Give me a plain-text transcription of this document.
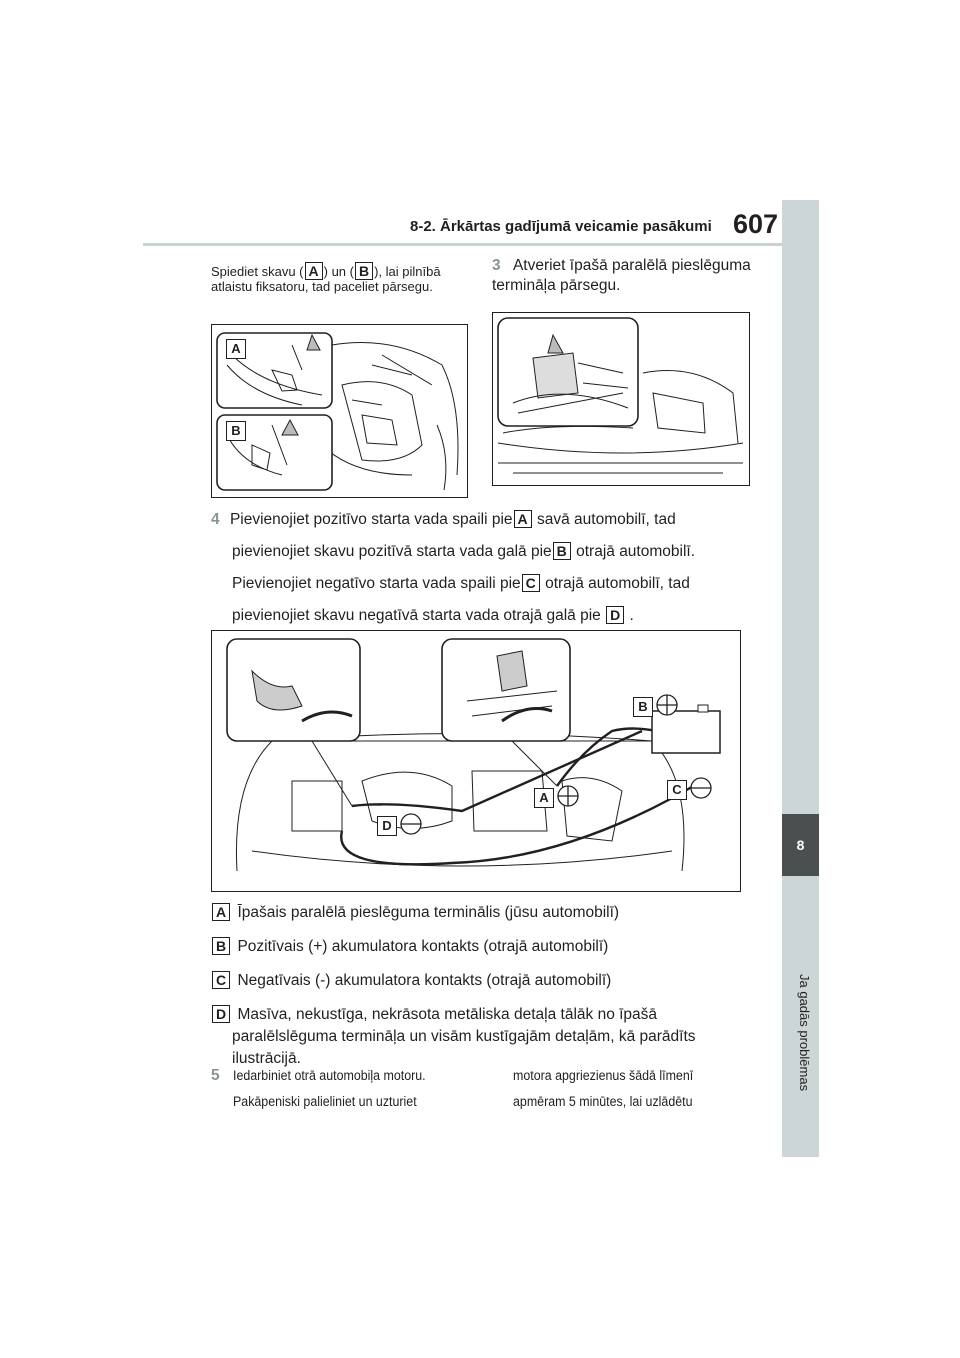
8-2. Ārkārtas gadījumā veicamie pasākumi 607
8
Ja gadās problēmas
Spiediet skavu ( A ) un ( B ), lai pilnībā atlaistu fiksatoru, tad paceliet pārsegu.
A
B
3 Atveriet īpašā paralēlā pieslēguma termināļa pārsegu.
4 Pievienojiet pozitīvo starta vada spaili pie A savā automobilī, tad
pievienojiet skavu pozitīvā starta vada galā pie B otrajā automobilī.
Pievienojiet negatīvo starta vada spaili pie C otrajā automobilī, tad
pievienojiet skavu negatīvā starta vada otrajā galā pie D .
B
C
A
D
A Īpašais paralēlā pieslēguma terminālis (jūsu automobilī)
B Pozitīvais (+) akumulatora kontakts (otrajā automobilī)
C Negatīvais (-) akumulatora kontakts (otrajā automobilī)
D Masīva, nekustīga, nekrāsota metāliska detaļa tālāk no īpašā
paralēlslēguma termināļa un visām kustīgajām detaļām, kā parādīts
ilustrācijā.
5 Iedarbiniet otrā automobiļa motoru.
Pakāpeniski palieliniet un uzturiet
motora apgriezienus šādā līmenī
apmēram 5 minūtes, lai uzlādētu
